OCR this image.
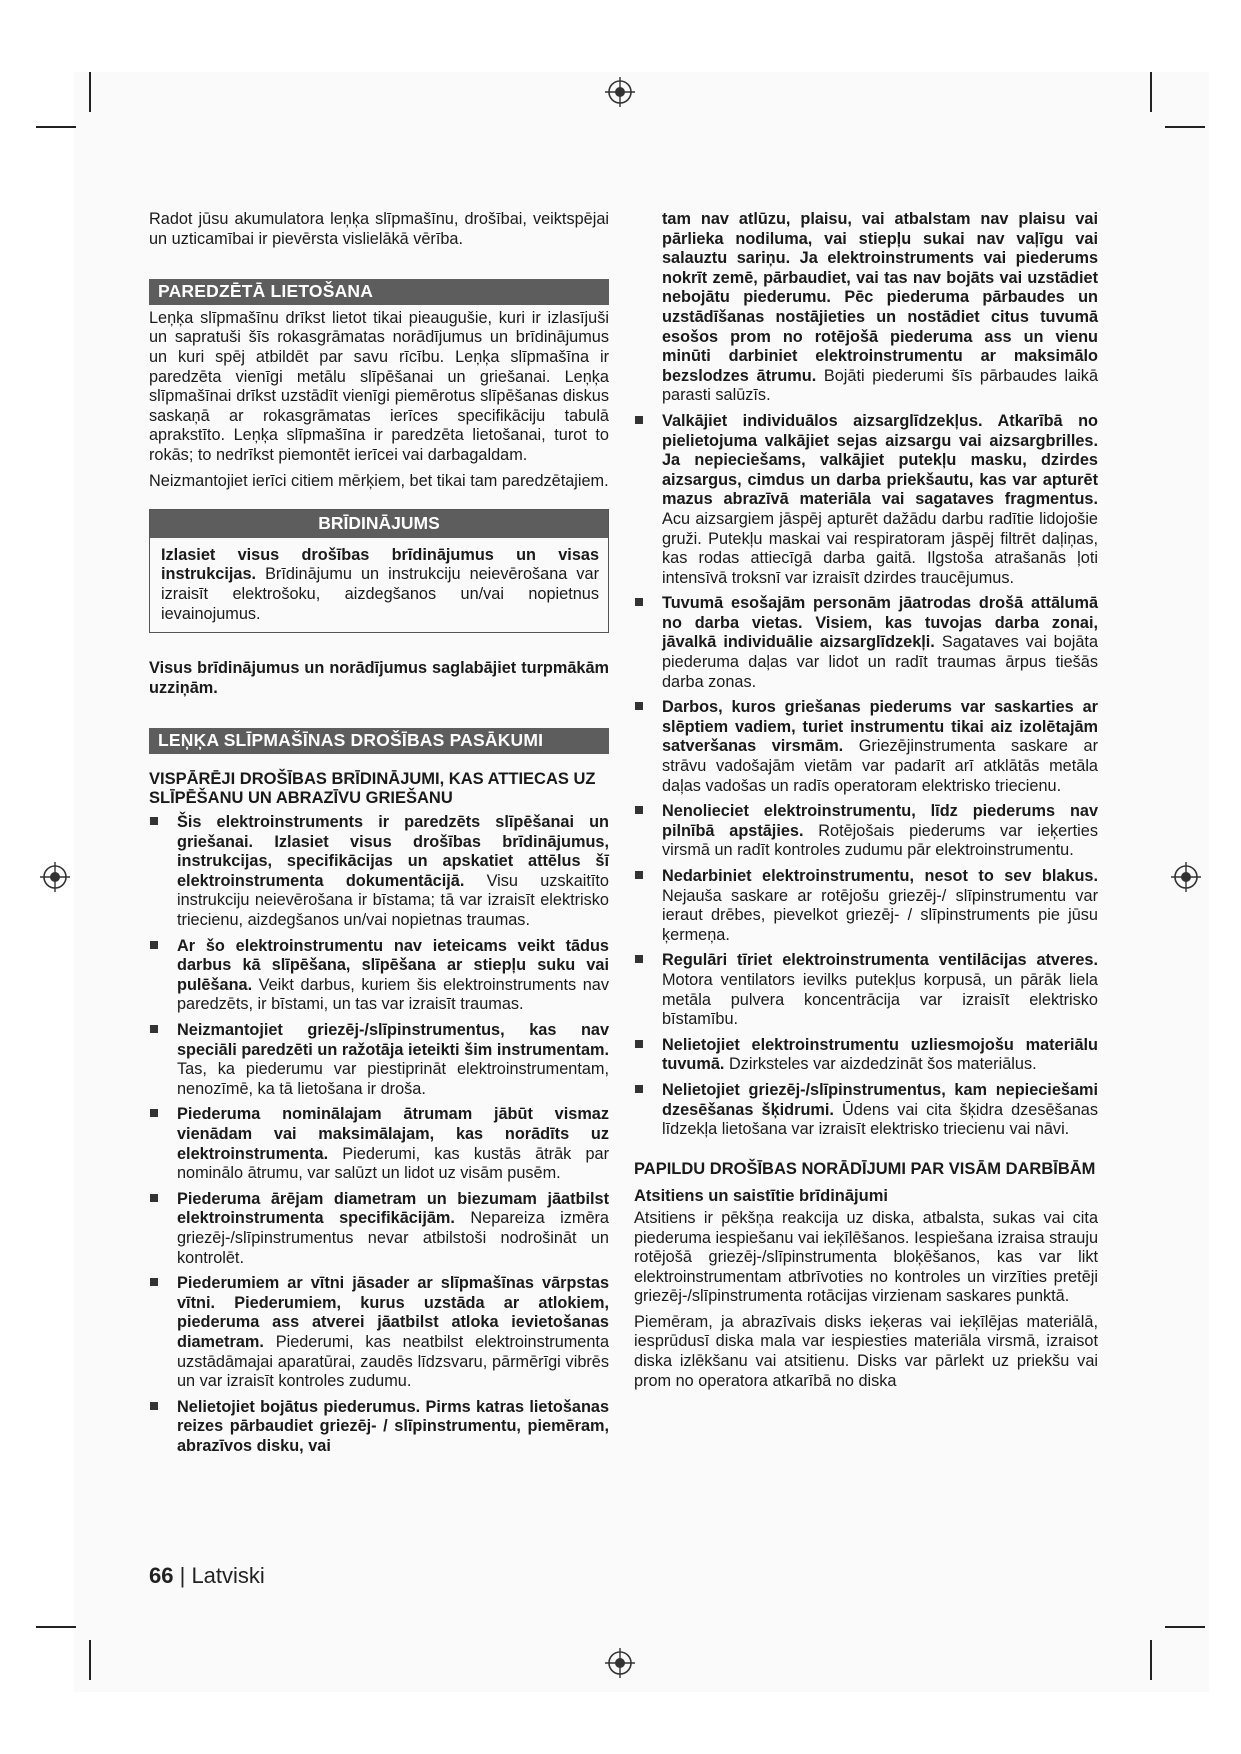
Radot jūsu akumulatora leņķa slīpmašīnu, drošībai, veiktspējai un uzticamībai ir pievērsta vislielākā vērība.

PAREDZĒTĀ LIETOŠANA

Leņķa slīpmašīnu drīkst lietot tikai pieaugušie, kuri ir izlasījuši un sapratuši šīs rokasgrāmatas norādījumus un brīdinājumus un kuri spēj atbildēt par savu rīcību. Leņķa slīpmašīna ir paredzēta vienīgi metālu slīpēšanai un griešanai. Leņķa slīpmašīnai drīkst uzstādīt vienīgi piemērotus slīpēšanas diskus saskaņā ar rokasgrāmatas ierīces specifikāciju tabulā aprakstīto. Leņķa slīpmašīna ir paredzēta lietošanai, turot to rokās; to nedrīkst piemontēt ierīcei vai darbagaldam.

Neizmantojiet ierīci citiem mērķiem, bet tikai tam paredzētajiem.

BRĪDINĀJUMS

Izlasiet visus drošības brīdinājumus un visas instrukcijas. Brīdinājumu un instrukciju neievērošana var izraisīt elektrošoku, aizdegšanos un/vai nopietnus ievainojumus.

Visus brīdinājumus un norādījumus saglabājiet turpmākām uzziņām.

LEŅĶA SLĪPMAŠĪNAS DROŠĪBAS PASĀKUMI
VISPĀRĒJI DROŠĪBAS BRĪDINĀJUMI, KAS ATTIECAS UZ SLĪPĒŠANU UN ABRAZĪVU GRIEŠANU
Šis elektroinstruments ir paredzēts slīpēšanai un griešanai. Izlasiet visus drošības brīdinājumus, instrukcijas, specifikācijas un apskatiet attēlus šī elektroinstrumenta dokumentācijā. Visu uzskaitīto instrukciju neievērošana ir bīstama; tā var izraisīt elektrisko triecienu, aizdegšanos un/vai nopietnas traumas.
Ar šo elektroinstrumentu nav ieteicams veikt tādus darbus kā slīpēšana, slīpēšana ar stiepļu suku vai pulēšana. Veikt darbus, kuriem šis elektroinstruments nav paredzēts, ir bīstami, un tas var izraisīt traumas.
Neizmantojiet griezēj-/slīpinstrumentus, kas nav speciāli paredzēti un ražotāja ieteikti šim instrumentam. Tas, ka piederumu var piestiprināt elektroinstrumentam, nenozīmē, ka tā lietošana ir droša.
Piederuma nominālajam ātrumam jābūt vismaz vienādam vai maksimālajam, kas norādīts uz elektroinstrumenta. Piederumi, kas kustās ātrāk par nominālo ātrumu, var salūzt un lidot uz visām pusēm.
Piederuma ārējam diametram un biezumam jāatbilst elektroinstrumenta specifikācijām. Nepareiza izmēra griezēj-/slīpinstrumentus nevar atbilstoši nodrošināt un kontrolēt.
Piederumiem ar vītni jāsader ar slīpmašīnas vārpstas vītni. Piederumiem, kurus uzstāda ar atlokiem, piederuma ass atverei jāatbilst atloka ievietošanas diametram. Piederumi, kas neatbilst elektroinstrumenta uzstādāmajai aparatūrai, zaudēs līdzsvaru, pārmērīgi vibrēs un var izraisīt kontroles zudumu.
Nelietojiet bojātus piederumus. Pirms katras lietošanas reizes pārbaudiet griezēj- / slīpinstrumentu, piemēram, abrazīvos disku, vai

tam nav atlūzu, plaisu, vai atbalstam nav plaisu vai pārlieka nodiluma, vai stiepļu sukai nav vaļīgu vai salauztu sariņu. Ja elektroinstruments vai piederums nokrīt zemē, pārbaudiet, vai tas nav bojāts vai uzstādiet nebojātu piederumu. Pēc piederuma pārbaudes un uzstādīšanas nostājieties un nostādiet citus tuvumā esošos prom no rotējošā piederuma ass un vienu minūti darbiniet elektroinstrumentu ar maksimālo bezslodzes ātrumu. Bojāti piederumi šīs pārbaudes laikā parasti salūzīs.

Valkājiet individuālos aizsarglīdzekļus. Atkarībā no pielietojuma valkājiet sejas aizsargu vai aizsargbrilles. Ja nepieciešams, valkājiet putekļu masku, dzirdes aizsargus, cimdus un darba priekšautu, kas var apturēt mazus abrazīvā materiāla vai sagataves fragmentus. Acu aizsargiem jāspēj apturēt dažādu darbu radītie lidojošie gruži. Putekļu maskai vai respiratoram jāspēj filtrēt daļiņas, kas rodas attiecīgā darba gaitā. Ilgstoša atrašanās ļoti intensīvā troksnī var izraisīt dzirdes traucējumus.
Tuvumā esošajām personām jāatrodas drošā attālumā no darba vietas. Visiem, kas tuvojas darba zonai, jāvalkā individuālie aizsarglīdzekļi. Sagataves vai bojāta piederuma daļas var lidot un radīt traumas ārpus tiešās darba zonas.
Darbos, kuros griešanas piederums var saskarties ar slēptiem vadiem, turiet instrumentu tikai aiz izolētajām satveršanas virsmām. Griezējinstrumenta saskare ar strāvu vadošajām vietām var padarīt arī atklātās metāla daļas vadošas un radīs operatoram elektrisko triecienu.
Nenolieciet elektroinstrumentu, līdz piederums nav pilnībā apstājies. Rotējošais piederums var ieķerties virsmā un radīt kontroles zudumu pār elektroinstrumentu.
Nedarbiniet elektroinstrumentu, nesot to sev blakus. Nejauša saskare ar rotējošu griezēj-/ slīpinstrumentu var ieraut drēbes, pievelkot griezēj- / slīpinstruments pie jūsu ķermeņa.
Regulāri tīriet elektroinstrumenta ventilācijas atveres. Motora ventilators ievilks putekļus korpusā, un pārāk liela metāla pulvera koncentrācija var izraisīt elektrisko bīstamību.
Nelietojiet elektroinstrumentu uzliesmojošu materiālu tuvumā. Dzirksteles var aizdedzināt šos materiālus.
Nelietojiet griezēj-/slīpinstrumentus, kam nepieciešami dzesēšanas šķidrumi. Ūdens vai cita šķidra dzesēšanas līdzekļa lietošana var izraisīt elektrisko triecienu vai nāvi.
PAPILDU DROŠĪBAS NORĀDĪJUMI PAR VISĀM DARBĪBĀM
Atsitiens un saistītie brīdinājumi

Atsitiens ir pēkšņa reakcija uz diska, atbalsta, sukas vai cita piederuma iespiešanu vai ieķīlēšanos. Iespiešana izraisa strauju rotējošā griezēj-/slīpinstrumenta bloķēšanos, kas var likt elektroinstrumentam atbrīvoties no kontroles un virzīties pretēji griezēj-/slīpinstrumenta rotācijas virzienam saskares punktā.

Piemēram, ja abrazīvais disks ieķeras vai ieķīlējas materiālā, iesprūdusī diska mala var iespiesties materiāla virsmā, izraisot diska izlēkšanu vai atsitienu. Disks var pārlekt uz priekšu vai prom no operatora atkarībā no diska

66 | Latviski
